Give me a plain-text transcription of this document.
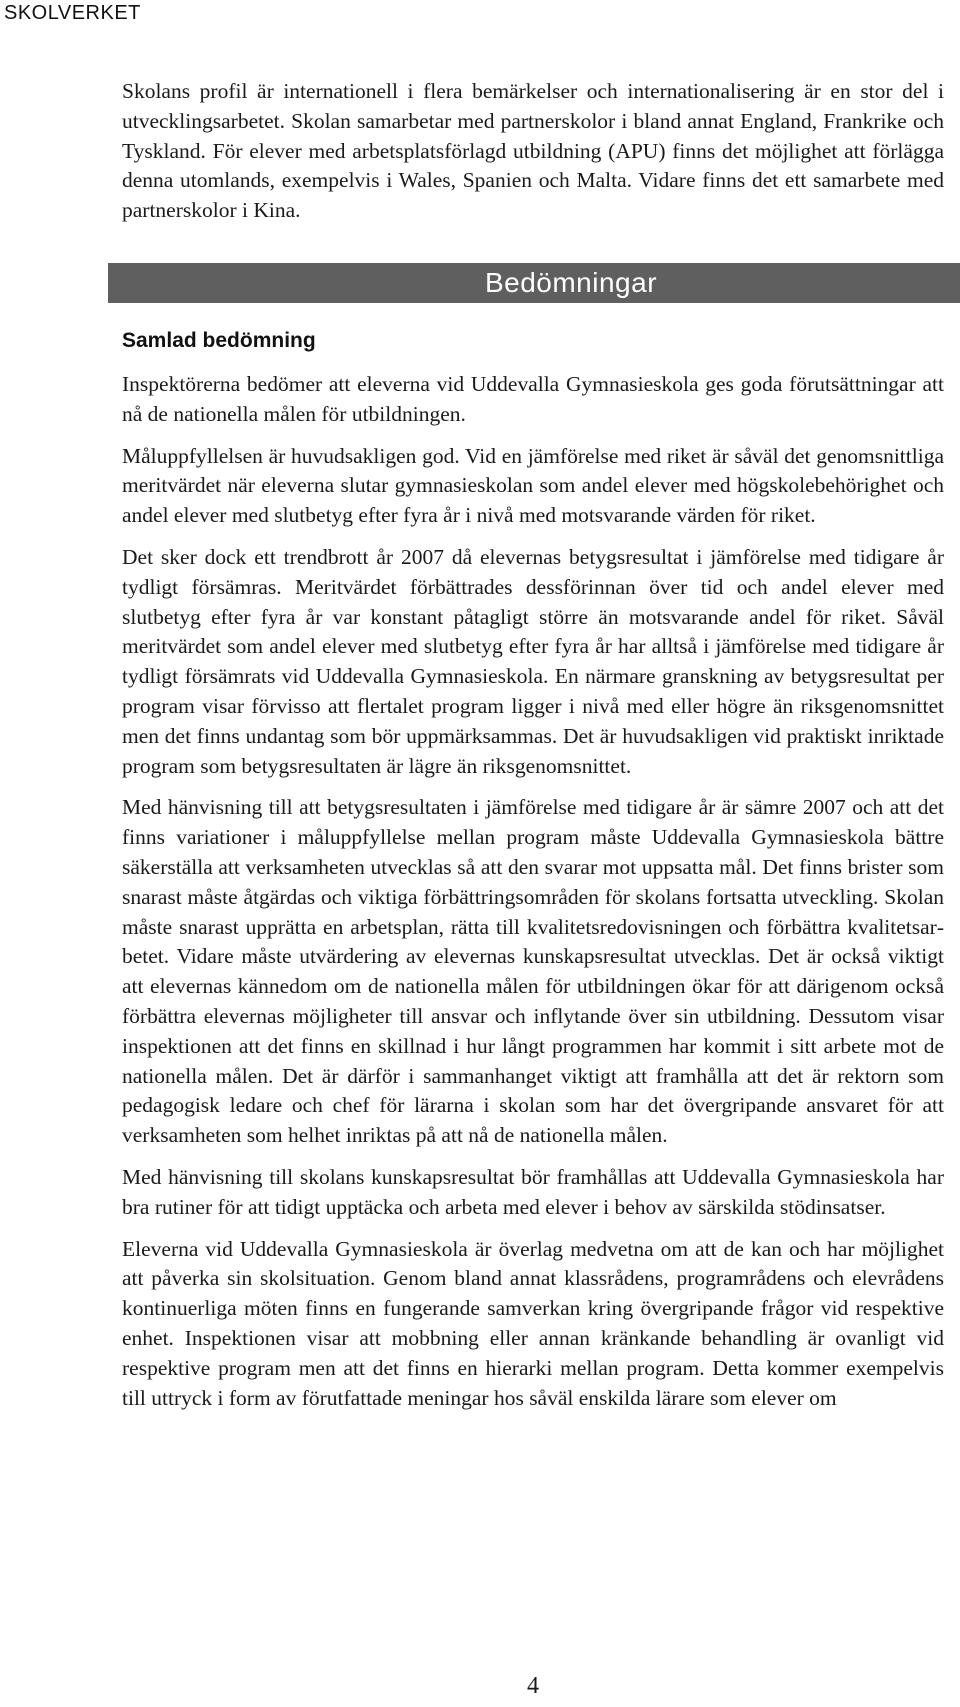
SKOLVERKET

Skolans profil är internationell i flera bemärkelser och internationalisering är en stor del i utvecklingsarbetet. Skolan samarbetar med partnerskolor i bland annat England, Frankrike och Tyskland. För elever med arbetsplatsförlagd utbildning (APU) finns det möjlighet att förlägga denna utomlands, exempelvis i Wales, Spanien och Malta. Vidare finns det ett samarbete med partnerskolor i Kina.

Bedömningar
Samlad bedömning

Inspektörerna bedömer att eleverna vid Uddevalla Gymnasieskola ges goda förutsättningar att nå de nationella målen för utbildningen.

Måluppfyllelsen är huvudsakligen god. Vid en jämförelse med riket är såväl det genomsnittliga meritvärdet när eleverna slutar gymnasieskolan som andel elever med högskolebehörighet och andel elever med slutbetyg efter fyra år i nivå med motsvarande värden för riket.

Det sker dock ett trendbrott år 2007 då elevernas betygsresultat i jämförelse med tidigare år tydligt försämras. Meritvärdet förbättrades dessförinnan över tid och andel elever med slutbetyg efter fyra år var konstant påtagligt större än motsvarande andel för riket. Såväl meritvärdet som andel elever med slutbetyg efter fyra år har alltså i jämförelse med tidigare år tydligt försämrats vid Uddevalla Gymnasieskola. En närmare granskning av betygsresultat per program visar förvisso att flertalet program ligger i nivå med eller högre än riksgenomsnittet men det finns undantag som bör uppmärksammas. Det är huvudsakligen vid praktiskt inriktade program som betygsresultaten är lägre än riksgenomsnittet.

Med hänvisning till att betygsresultaten i jämförelse med tidigare år är sämre 2007 och att det finns variationer i måluppfyllelse mellan program måste Uddevalla Gymnasieskola bättre säkerställa att verksamheten utvecklas så att den svarar mot uppsatta mål. Det finns brister som snarast måste åtgärdas och viktiga förbättringsområden för skolans fortsatta utveckling. Skolan måste snarast upprätta en arbetsplan, rätta till kvalitetsredovisningen och förbättra kvalitetsarbetet. Vidare måste utvärdering av elevernas kunskapsresultat utvecklas. Det är också viktigt att elevernas kännedom om de nationella målen för utbildningen ökar för att därigenom också förbättra elevernas möjligheter till ansvar och inflytande över sin utbildning. Dessutom visar inspektionen att det finns en skillnad i hur långt programmen har kommit i sitt arbete mot de nationella målen. Det är därför i sammanhanget viktigt att framhålla att det är rektorn som pedagogisk ledare och chef för lärarna i skolan som har det övergripande ansvaret för att verksamheten som helhet inriktas på att nå de nationella målen.

Med hänvisning till skolans kunskapsresultat bör framhållas att Uddevalla Gymnasieskola har bra rutiner för att tidigt upptäcka och arbeta med elever i behov av särskilda stödinsatser.

Eleverna vid Uddevalla Gymnasieskola är överlag medvetna om att de kan och har möjlighet att påverka sin skolsituation. Genom bland annat klassrådens, programrådens och elevrådens kontinuerliga möten finns en fungerande samverkan kring övergripande frågor vid respektive enhet. Inspektionen visar att mobbning eller annan kränkande behandling är ovanligt vid respektive program men att det finns en hierarki mellan program. Detta kommer exempelvis till uttryck i form av förutfattade meningar hos såväl enskilda lärare som elever om

4
